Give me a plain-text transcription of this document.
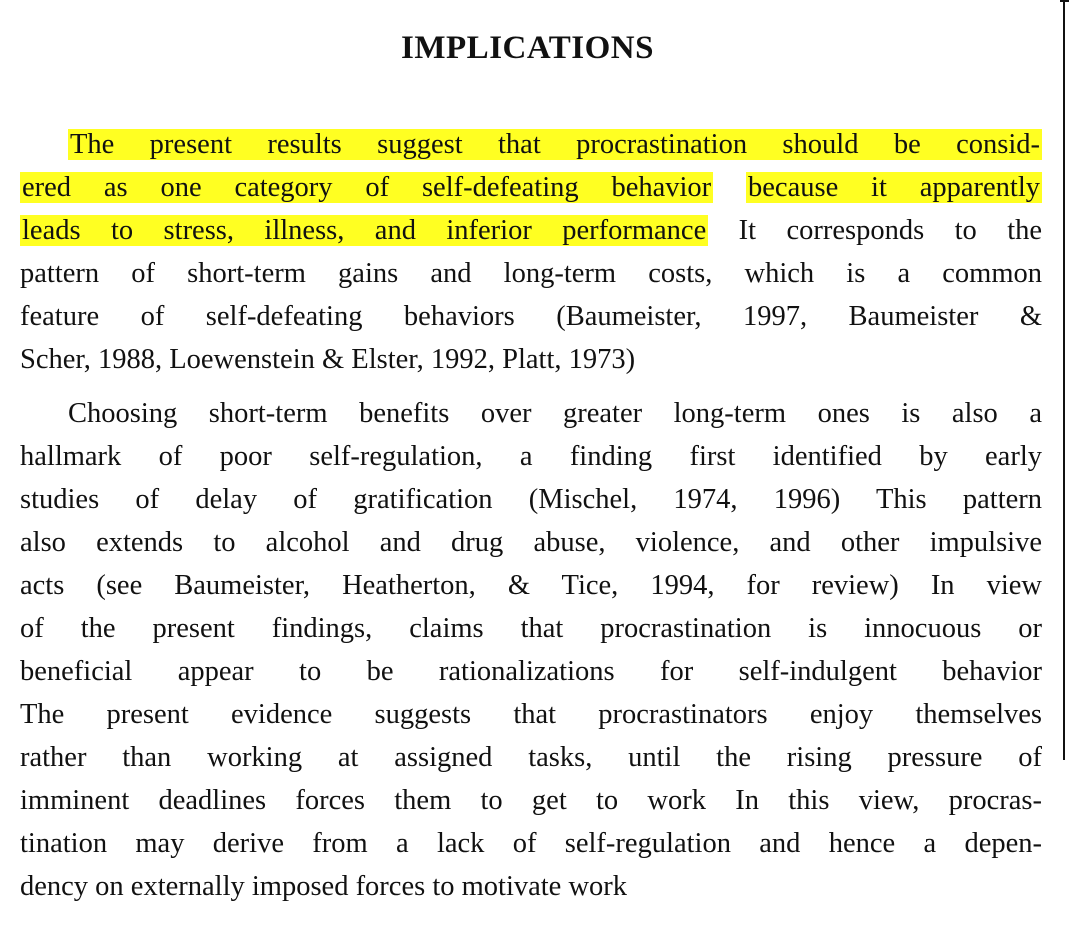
IMPLICATIONS
The present results suggest that procrastination should be consid-
ered as one category of self-defeating behavior because it apparently
leads to stress, illness, and inferior performance It corresponds to the
pattern of short-term gains and long-term costs, which is a common
feature of self-defeating behaviors (Baumeister, 1997, Baumeister &
Scher, 1988, Loewenstein & Elster, 1992, Platt, 1973)
Choosing short-term benefits over greater long-term ones is also a
hallmark of poor self-regulation, a finding first identified by early
studies of delay of gratification (Mischel, 1974, 1996) This pattern
also extends to alcohol and drug abuse, violence, and other impulsive
acts (see Baumeister, Heatherton, & Tice, 1994, for review) In view
of the present findings, claims that procrastination is innocuous or
beneficial appear to be rationalizations for self-indulgent behavior
The present evidence suggests that procrastinators enjoy themselves
rather than working at assigned tasks, until the rising pressure of
imminent deadlines forces them to get to work In this view, procras-
tination may derive from a lack of self-regulation and hence a depen-
dency on externally imposed forces to motivate work
